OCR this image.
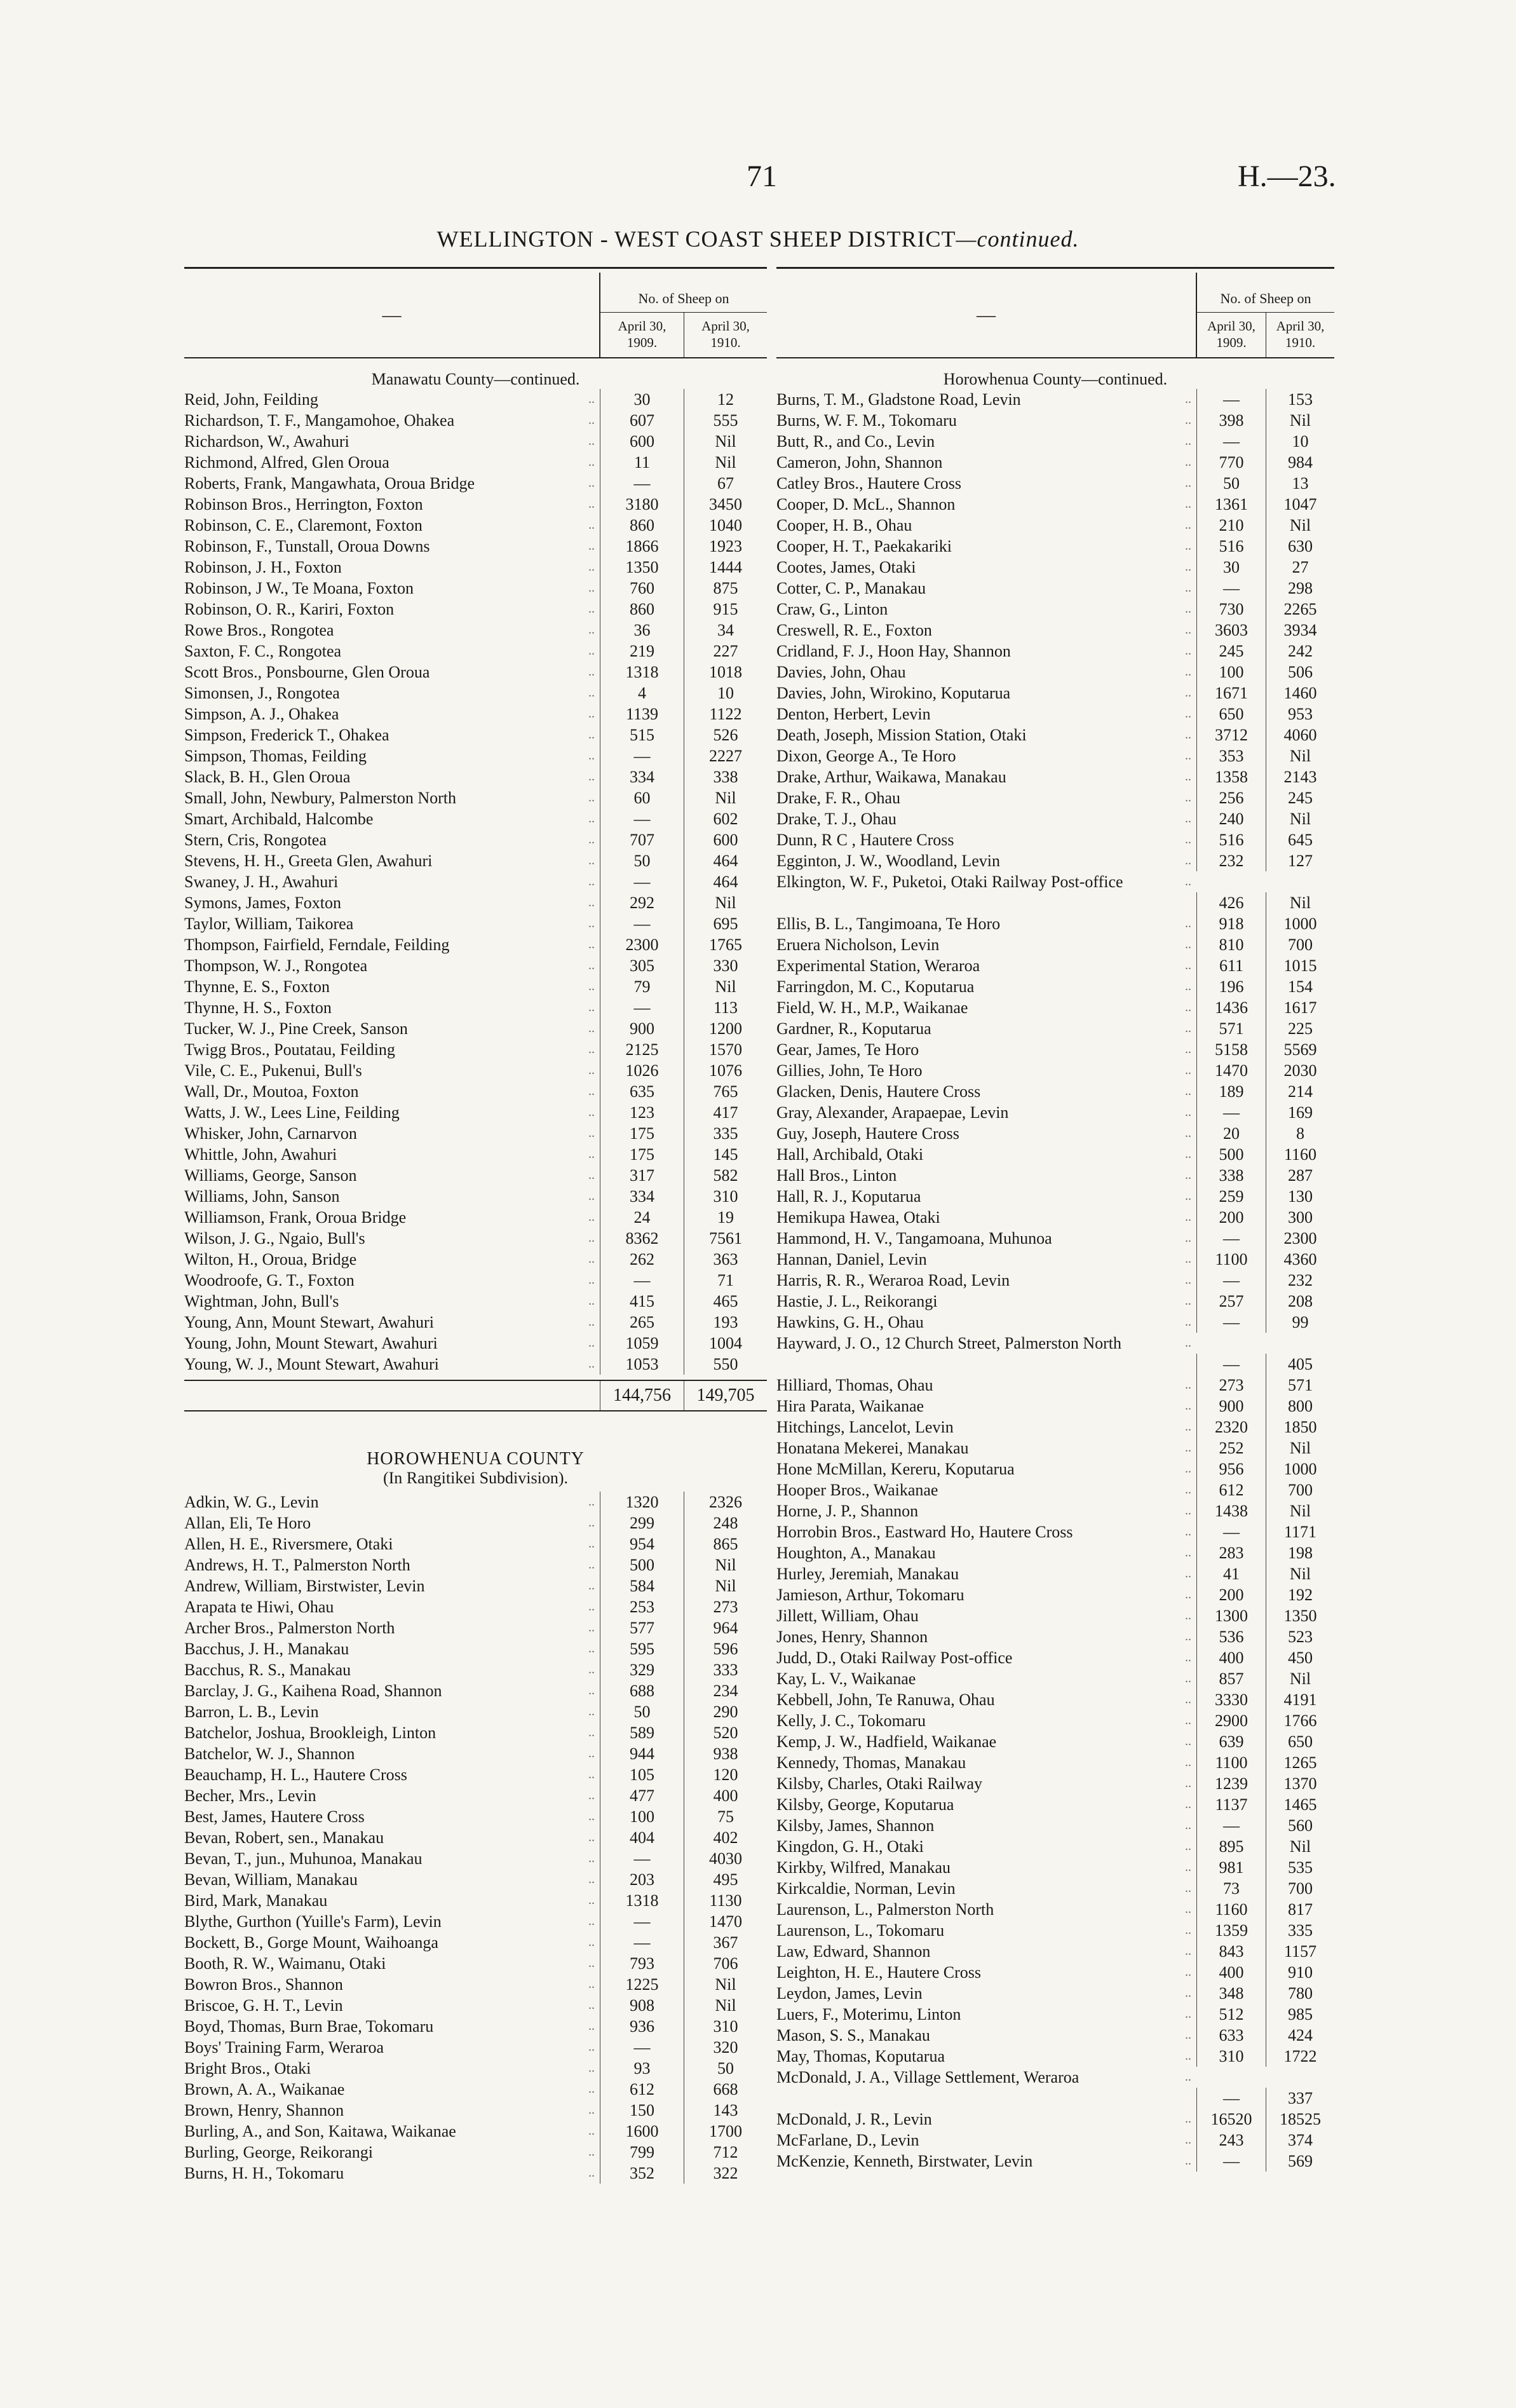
71	H.—23.
WELLINGTON - WEST COAST SHEEP DISTRICT—continued.
—
No. of Sheep on
April 30,
1909.
April 30,
1910.
Manawatu County—continued.
Reid, John, Feilding	..	30	12
Richardson, T. F., Mangamohoe, Ohakea	..	607	555
Richardson, W., Awahuri	..	600	Nil
Richmond, Alfred, Glen Oroua	..	11	Nil
Roberts, Frank, Mangawhata, Oroua Bridge	..	—	67
Robinson Bros., Herrington, Foxton	..	3180	3450
Robinson, C. E., Claremont, Foxton	..	860	1040
Robinson, F., Tunstall, Oroua Downs	..	1866	1923
Robinson, J. H., Foxton	..	1350	1444
Robinson, J W., Te Moana, Foxton	..	760	875
Robinson, O. R., Kariri, Foxton	..	860	915
Rowe Bros., Rongotea	..	36	34
Saxton, F. C., Rongotea	..	219	227
Scott Bros., Ponsbourne, Glen Oroua	..	1318	1018
Simonsen, J., Rongotea	..	4	10
Simpson, A. J., Ohakea	..	1139	1122
Simpson, Frederick T., Ohakea	..	515	526
Simpson, Thomas, Feilding	..	—	2227
Slack, B. H., Glen Oroua	..	334	338
Small, John, Newbury, Palmerston North	..	60	Nil
Smart, Archibald, Halcombe	..	—	602
Stern, Cris, Rongotea	..	707	600
Stevens, H. H., Greeta Glen, Awahuri	..	50	464
Swaney, J. H., Awahuri	..	—	464
Symons, James, Foxton	..	292	Nil
Taylor, William, Taikorea	..	—	695
Thompson, Fairfield, Ferndale, Feilding	..	2300	1765
Thompson, W. J., Rongotea	..	305	330
Thynne, E. S., Foxton	..	79	Nil
Thynne, H. S., Foxton	..	—	113
Tucker, W. J., Pine Creek, Sanson	..	900	1200
Twigg Bros., Poutatau, Feilding	..	2125	1570
Vile, C. E., Pukenui, Bull's	..	1026	1076
Wall, Dr., Moutoa, Foxton	..	635	765
Watts, J. W., Lees Line, Feilding	..	123	417
Whisker, John, Carnarvon	..	175	335
Whittle, John, Awahuri	..	175	145
Williams, George, Sanson	..	317	582
Williams, John, Sanson	..	334	310
Williamson, Frank, Oroua Bridge	..	24	19
Wilson, J. G., Ngaio, Bull's	..	8362	7561
Wilton, H., Oroua, Bridge	..	262	363
Woodroofe, G. T., Foxton	..	—	71
Wightman, John, Bull's	..	415	465
Young, Ann, Mount Stewart, Awahuri	..	265	193
Young, John, Mount Stewart, Awahuri	..	1059	1004
Young, W. J., Mount Stewart, Awahuri	..	1053	550
144,756	149,705
HOROWHENUA COUNTY
(In Rangitikei Subdivision).
Adkin, W. G., Levin	..	1320	2326
Allan, Eli, Te Horo	..	299	248
Allen, H. E., Riversmere, Otaki	..	954	865
Andrews, H. T., Palmerston North	..	500	Nil
Andrew, William, Birstwister, Levin	..	584	Nil
Arapata te Hiwi, Ohau	..	253	273
Archer Bros., Palmerston North	..	577	964
Bacchus, J. H., Manakau	..	595	596
Bacchus, R. S., Manakau	..	329	333
Barclay, J. G., Kaihena Road, Shannon	..	688	234
Barron, L. B., Levin	..	50	290
Batchelor, Joshua, Brookleigh, Linton	..	589	520
Batchelor, W. J., Shannon	..	944	938
Beauchamp, H. L., Hautere Cross	..	105	120
Becher, Mrs., Levin	..	477	400
Best, James, Hautere Cross	..	100	75
Bevan, Robert, sen., Manakau	..	404	402
Bevan, T., jun., Muhunoa, Manakau	..	—	4030
Bevan, William, Manakau	..	203	495
Bird, Mark, Manakau	..	1318	1130
Blythe, Gurthon (Yuille's Farm), Levin	..	—	1470
Bockett, B., Gorge Mount, Waihoanga	..	—	367
Booth, R. W., Waimanu, Otaki	..	793	706
Bowron Bros., Shannon	..	1225	Nil
Briscoe, G. H. T., Levin	..	908	Nil
Boyd, Thomas, Burn Brae, Tokomaru	..	936	310
Boys' Training Farm, Weraroa	..	—	320
Bright Bros., Otaki	..	93	50
Brown, A. A., Waikanae	..	612	668
Brown, Henry, Shannon	..	150	143
Burling, A., and Son, Kaitawa, Waikanae	..	1600	1700
Burling, George, Reikorangi	..	799	712
Burns, H. H., Tokomaru	..	352	322
—
No. of Sheep on
April 30,
1909.
April 30,
1910.
Horowhenua County—continued.
Burns, T. M., Gladstone Road, Levin	..	—	153
Burns, W. F. M., Tokomaru	..	398	Nil
Butt, R., and Co., Levin	..	—	10
Cameron, John, Shannon	..	770	984
Catley Bros., Hautere Cross	..	50	13
Cooper, D. McL., Shannon	..	1361	1047
Cooper, H. B., Ohau	..	210	Nil
Cooper, H. T., Paekakariki	..	516	630
Cootes, James, Otaki	..	30	27
Cotter, C. P., Manakau	..	—	298
Craw, G., Linton	..	730	2265
Creswell, R. E., Foxton	..	3603	3934
Cridland, F. J., Hoon Hay, Shannon	..	245	242
Davies, John, Ohau	..	100	506
Davies, John, Wirokino, Koputarua	..	1671	1460
Denton, Herbert, Levin	..	650	953
Death, Joseph, Mission Station, Otaki	..	3712	4060
Dixon, George A., Te Horo	..	353	Nil
Drake, Arthur, Waikawa, Manakau	..	1358	2143
Drake, F. R., Ohau	..	256	245
Drake, T. J., Ohau	..	240	Nil
Dunn, R C , Hautere Cross	..	516	645
Egginton, J. W., Woodland, Levin	..	232	127
Elkington, W. F., Puketoi, Otaki Railway Post-office	..
426	Nil
Ellis, B. L., Tangimoana, Te Horo	..	918	1000
Eruera Nicholson, Levin	..	810	700
Experimental Station, Weraroa	..	611	1015
Farringdon, M. C., Koputarua	..	196	154
Field, W. H., M.P., Waikanae	..	1436	1617
Gardner, R., Koputarua	..	571	225
Gear, James, Te Horo	..	5158	5569
Gillies, John, Te Horo	..	1470	2030
Glacken, Denis, Hautere Cross	..	189	214
Gray, Alexander, Arapaepae, Levin	..	—	169
Guy, Joseph, Hautere Cross	..	20	8
Hall, Archibald, Otaki	..	500	1160
Hall Bros., Linton	..	338	287
Hall, R. J., Koputarua	..	259	130
Hemikupa Hawea, Otaki	..	200	300
Hammond, H. V., Tangamoana, Muhunoa	..	—	2300
Hannan, Daniel, Levin	..	1100	4360
Harris, R. R., Weraroa Road, Levin	..	—	232
Hastie, J. L., Reikorangi	..	257	208
Hawkins, G. H., Ohau	..	—	99
Hayward, J. O., 12 Church Street, Palmerston North	..
—	405
Hilliard, Thomas, Ohau	..	273	571
Hira Parata, Waikanae	..	900	800
Hitchings, Lancelot, Levin	..	2320	1850
Honatana Mekerei, Manakau	..	252	Nil
Hone McMillan, Kereru, Koputarua	..	956	1000
Hooper Bros., Waikanae	..	612	700
Horne, J. P., Shannon	..	1438	Nil
Horrobin Bros., Eastward Ho, Hautere Cross	..	—	1171
Houghton, A., Manakau	..	283	198
Hurley, Jeremiah, Manakau	..	41	Nil
Jamieson, Arthur, Tokomaru	..	200	192
Jillett, William, Ohau	..	1300	1350
Jones, Henry, Shannon	..	536	523
Judd, D., Otaki Railway Post-office	..	400	450
Kay, L. V., Waikanae	..	857	Nil
Kebbell, John, Te Ranuwa, Ohau	..	3330	4191
Kelly, J. C., Tokomaru	..	2900	1766
Kemp, J. W., Hadfield, Waikanae	..	639	650
Kennedy, Thomas, Manakau	..	1100	1265
Kilsby, Charles, Otaki Railway	..	1239	1370
Kilsby, George, Koputarua	..	1137	1465
Kilsby, James, Shannon	..	—	560
Kingdon, G. H., Otaki	..	895	Nil
Kirkby, Wilfred, Manakau	..	981	535
Kirkcaldie, Norman, Levin	..	73	700
Laurenson, L., Palmerston North	..	1160	817
Laurenson, L., Tokomaru	..	1359	335
Law, Edward, Shannon	..	843	1157
Leighton, H. E., Hautere Cross	..	400	910
Leydon, James, Levin	..	348	780
Luers, F., Moterimu, Linton	..	512	985
Mason, S. S., Manakau	..	633	424
May, Thomas, Koputarua	..	310	1722
McDonald, J. A., Village Settlement, Weraroa	..
—	337
McDonald, J. R., Levin	..	16520	18525
McFarlane, D., Levin	..	243	374
McKenzie, Kenneth, Birstwater, Levin	..	—	569
